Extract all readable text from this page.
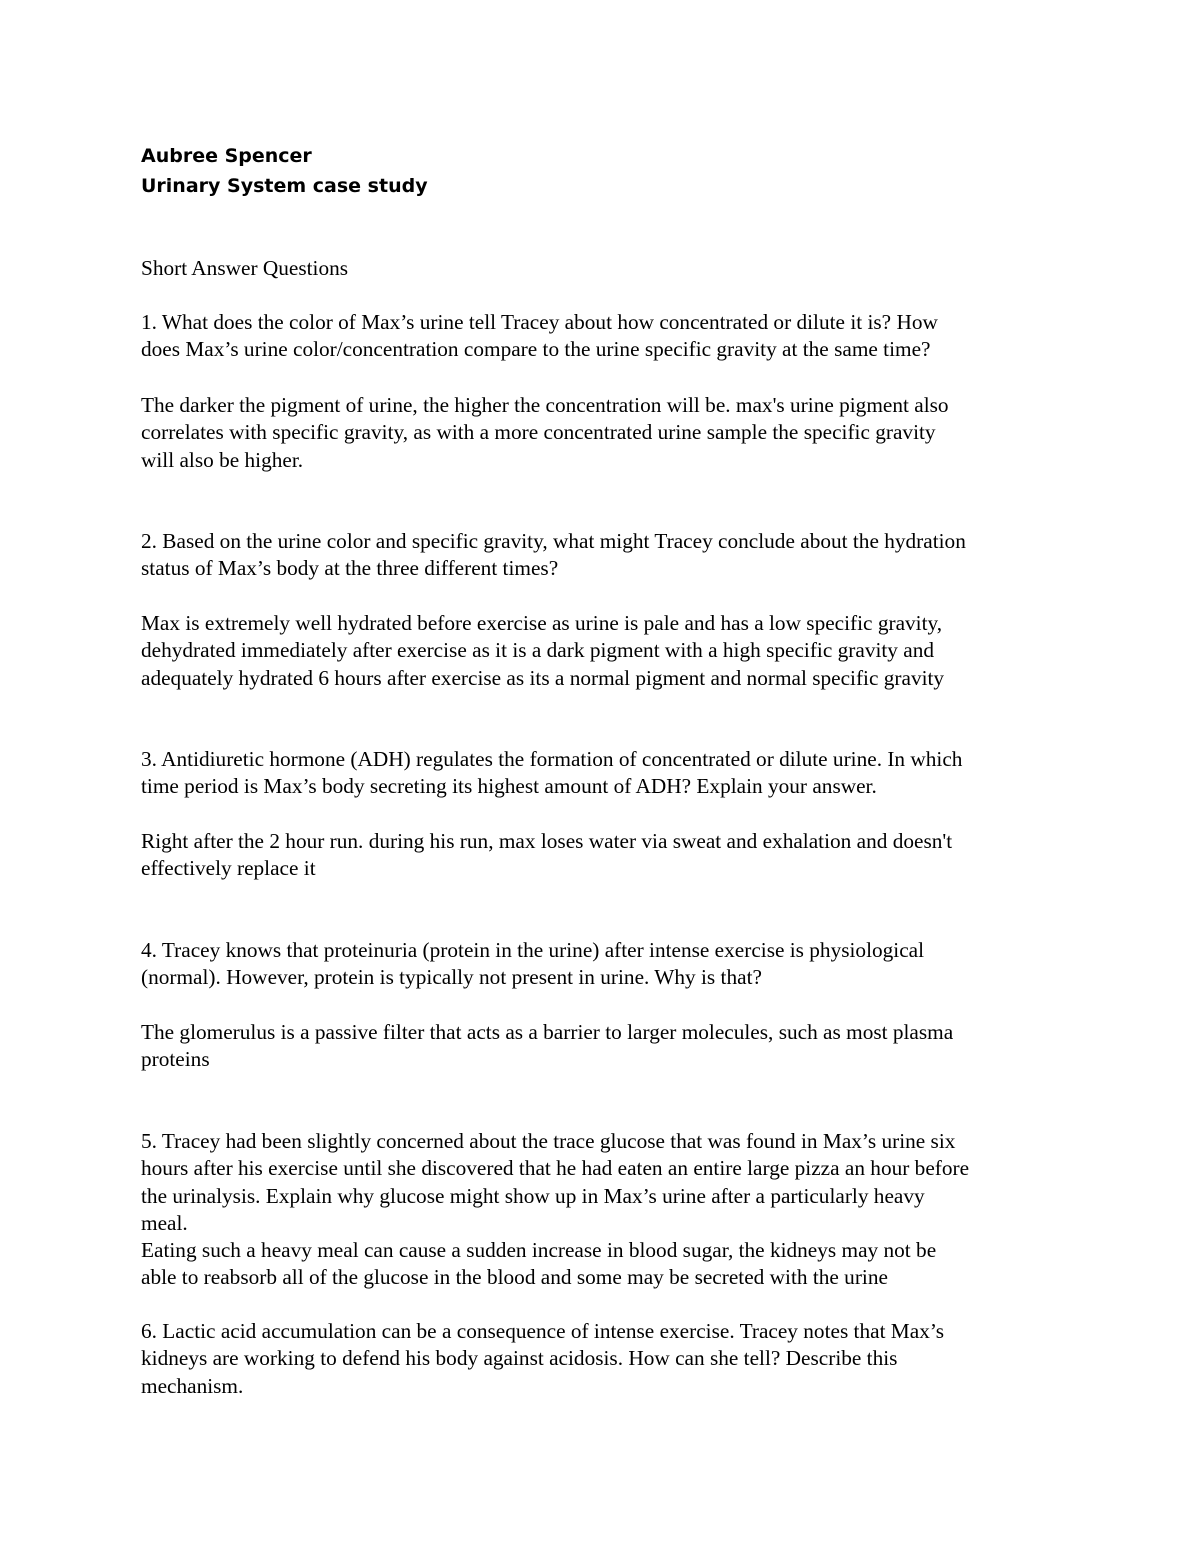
Aubree Spencer
Urinary System case study

Short Answer Questions

1. What does the color of Max’s urine tell Tracey about how concentrated or dilute it is? How
does Max’s urine color/concentration compare to the urine specific gravity at the same time?

The darker the pigment of urine, the higher the concentration will be. max's urine pigment also
correlates with specific gravity, as with a more concentrated urine sample the specific gravity
will also be higher.

2. Based on the urine color and specific gravity, what might Tracey conclude about the hydration
status of Max’s body at the three different times?

Max is extremely well hydrated before exercise as urine is pale and has a low specific gravity,
dehydrated immediately after exercise as it is a dark pigment with a high specific gravity and
adequately hydrated 6 hours after exercise as its a normal pigment and normal specific gravity

3. Antidiuretic hormone (ADH) regulates the formation of concentrated or dilute urine. In which
time period is Max’s body secreting its highest amount of ADH? Explain your answer.

Right after the 2 hour run. during his run, max loses water via sweat and exhalation and doesn't
effectively replace it

4. Tracey knows that proteinuria (protein in the urine) after intense exercise is physiological
(normal). However, protein is typically not present in urine. Why is that?

The glomerulus is a passive filter that acts as a barrier to larger molecules, such as most plasma
proteins

5. Tracey had been slightly concerned about the trace glucose that was found in Max’s urine six
hours after his exercise until she discovered that he had eaten an entire large pizza an hour before
the urinalysis. Explain why glucose might show up in Max’s urine after a particularly heavy
meal.

Eating such a heavy meal can cause a sudden increase in blood sugar, the kidneys may not be
able to reabsorb all of the glucose in the blood and some may be secreted with the urine

6. Lactic acid accumulation can be a consequence of intense exercise. Tracey notes that Max’s
kidneys are working to defend his body against acidosis. How can she tell? Describe this
mechanism.
